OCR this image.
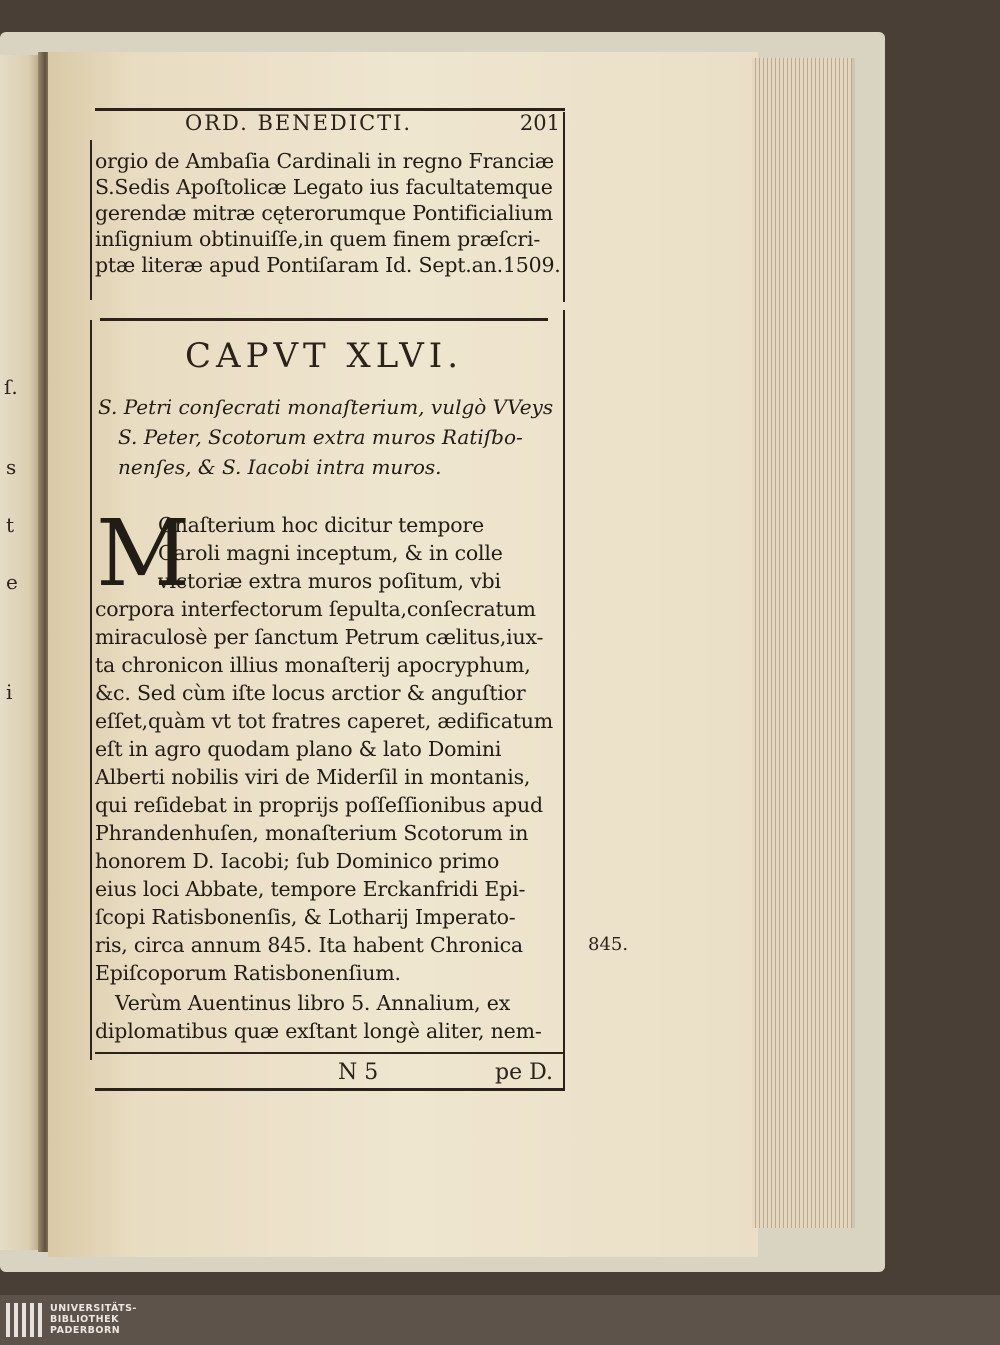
ſ.
s
t
e
i
ORD. BENEDICTI.	201
orgio de Ambaſia Cardinali in regno Franciæ
S.Sedis Apoſtolicæ Legato ius facultatemque
gerendæ mitræ cęterorumque Pontificialium
inſignium obtinuiſſe,in quem finem præſcri-
ptæ literæ apud Pontiſaram Id. Sept.an.1509.
CAPVT XLVI.
S. Petri conſecrati monaſterium, vulgò VVeys
S. Peter, Scotorum extra muros Ratiſbo-
nenſes, & S. Iacobi intra muros.
M
Onaſterium hoc dicitur tempore
Caroli magni inceptum, & in colle
victoriæ extra muros poſitum, vbi
corpora interfectorum ſepulta,conſecratum
miraculosè per ſanctum Petrum cælitus,iux-
ta chronicon illius monaſterij apocryphum,
&c. Sed cùm iſte locus arctior & anguſtior
eſſet,quàm vt tot fratres caperet, ædificatum
eſt in agro quodam plano & lato Domini
Alberti nobilis viri de Miderſil in montanis,
qui reſidebat in proprijs poſſeſſionibus apud
Phrandenhuſen, monaſterium Scotorum in
honorem D. Iacobi; ſub Dominico primo
eius loci Abbate, tempore Erckanfridi Epi-
ſcopi Ratisbonenſis, & Lotharij Imperato-
ris, circa annum 845. Ita habent Chronica
Epiſcoporum Ratisbonenſium.
Verùm Auentinus libro 5. Annalium, ex
diplomatibus quæ exſtant longè aliter, nem-
845.
N 5	pe D.
UNIVERSITÄTS-
BIBLIOTHEK
PADERBORN
